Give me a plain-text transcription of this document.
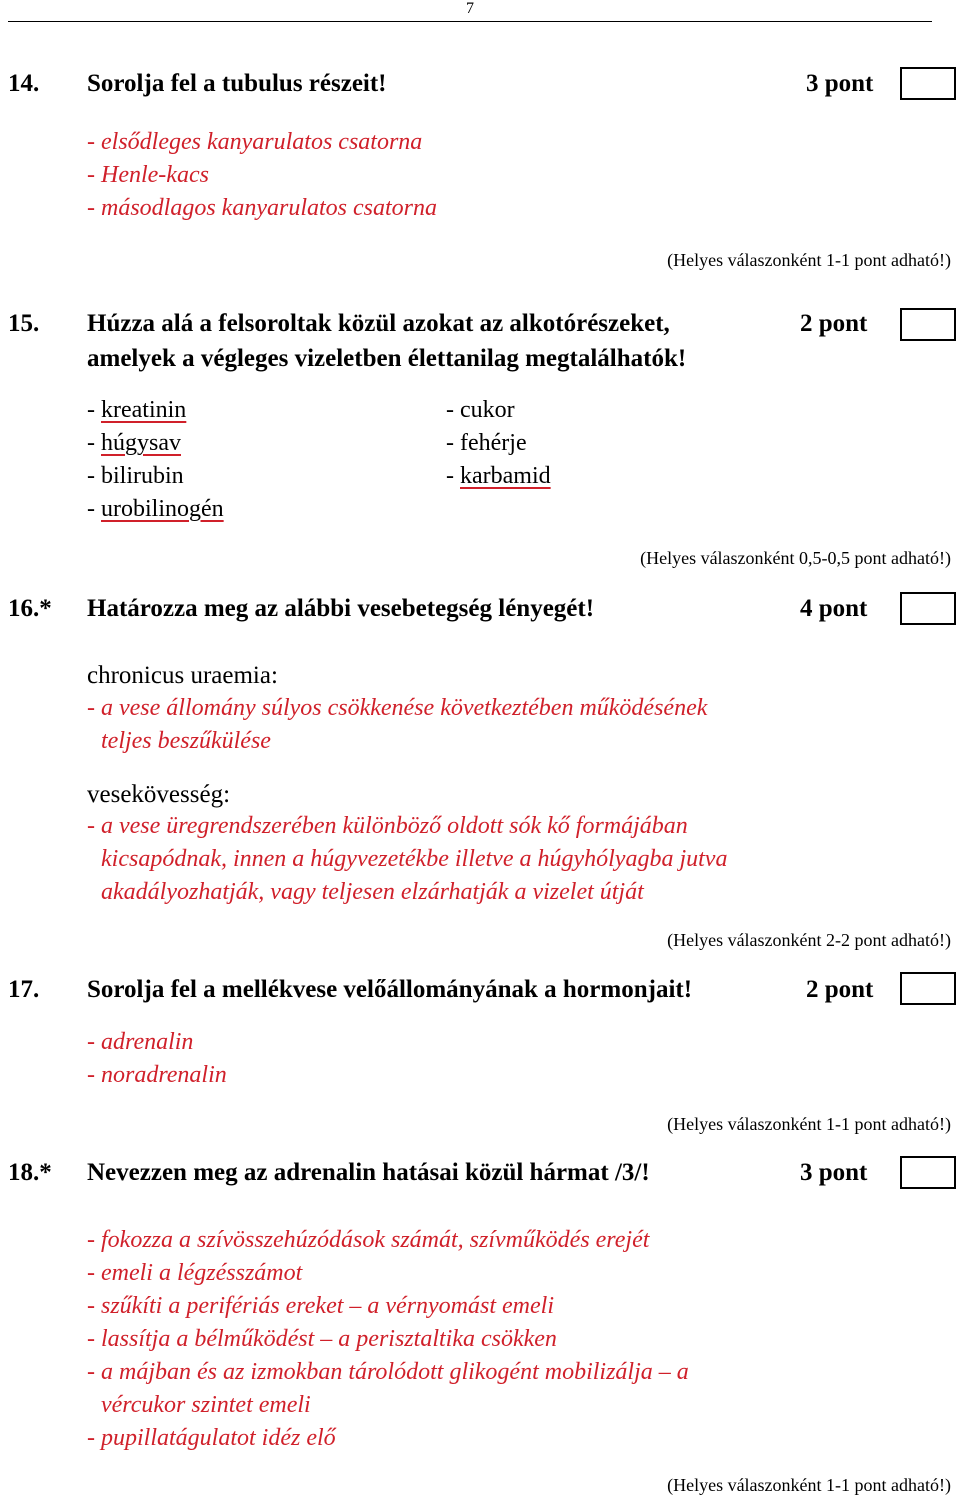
7
14. Sorolja fel a tubulus részeit!	3 pont
- elsődleges kanyarulatos csatorna
- Henle-kacs
- másodlagos kanyarulatos csatorna
(Helyes válaszonként 1-1 pont adható!)
15. Húzza alá a felsoroltak közül azokat az alkotórészeket,
amelyek a végleges vizeletben élettanilag megtalálhatók!
2 pont
- kreatinin
- húgysav
- bilirubin
- urobilinogén
- cukor
- fehérje
- karbamid
(Helyes válaszonként 0,5-0,5 pont adható!)
16.* Határozza meg az alábbi vesebetegség lényegét!	4 pont
chronicus uraemia:
- a vese állomány súlyos csökkenése következtében működésének
teljes beszűkülése
vesekövesség:
- a vese üregrendszerében különböző oldott sók kő formájában
kicsapódnak, innen a húgyvezetékbe illetve a húgyhólyagba jutva
akadályozhatják, vagy teljesen elzárhatják a vizelet útját
(Helyes válaszonként 2-2 pont adható!)
17. Sorolja fel a mellékvese velőállományának a hormonjait!	2 pont
- adrenalin
- noradrenalin
(Helyes válaszonként 1-1 pont adható!)
18.* Nevezzen meg az adrenalin hatásai közül hármat /3/!	3 pont
- fokozza a szívösszehúzódások számát, szívműködés erejét
- emeli a légzésszámot
- szűkíti a perifériás ereket – a vérnyomást emeli
- lassítja a bélműködést – a perisztaltika csökken
- a májban és az izmokban tárolódott glikogént mobilizálja – a
vércukor szintet emeli
- pupillatágulatot idéz elő
(Helyes válaszonként 1-1 pont adható!)
